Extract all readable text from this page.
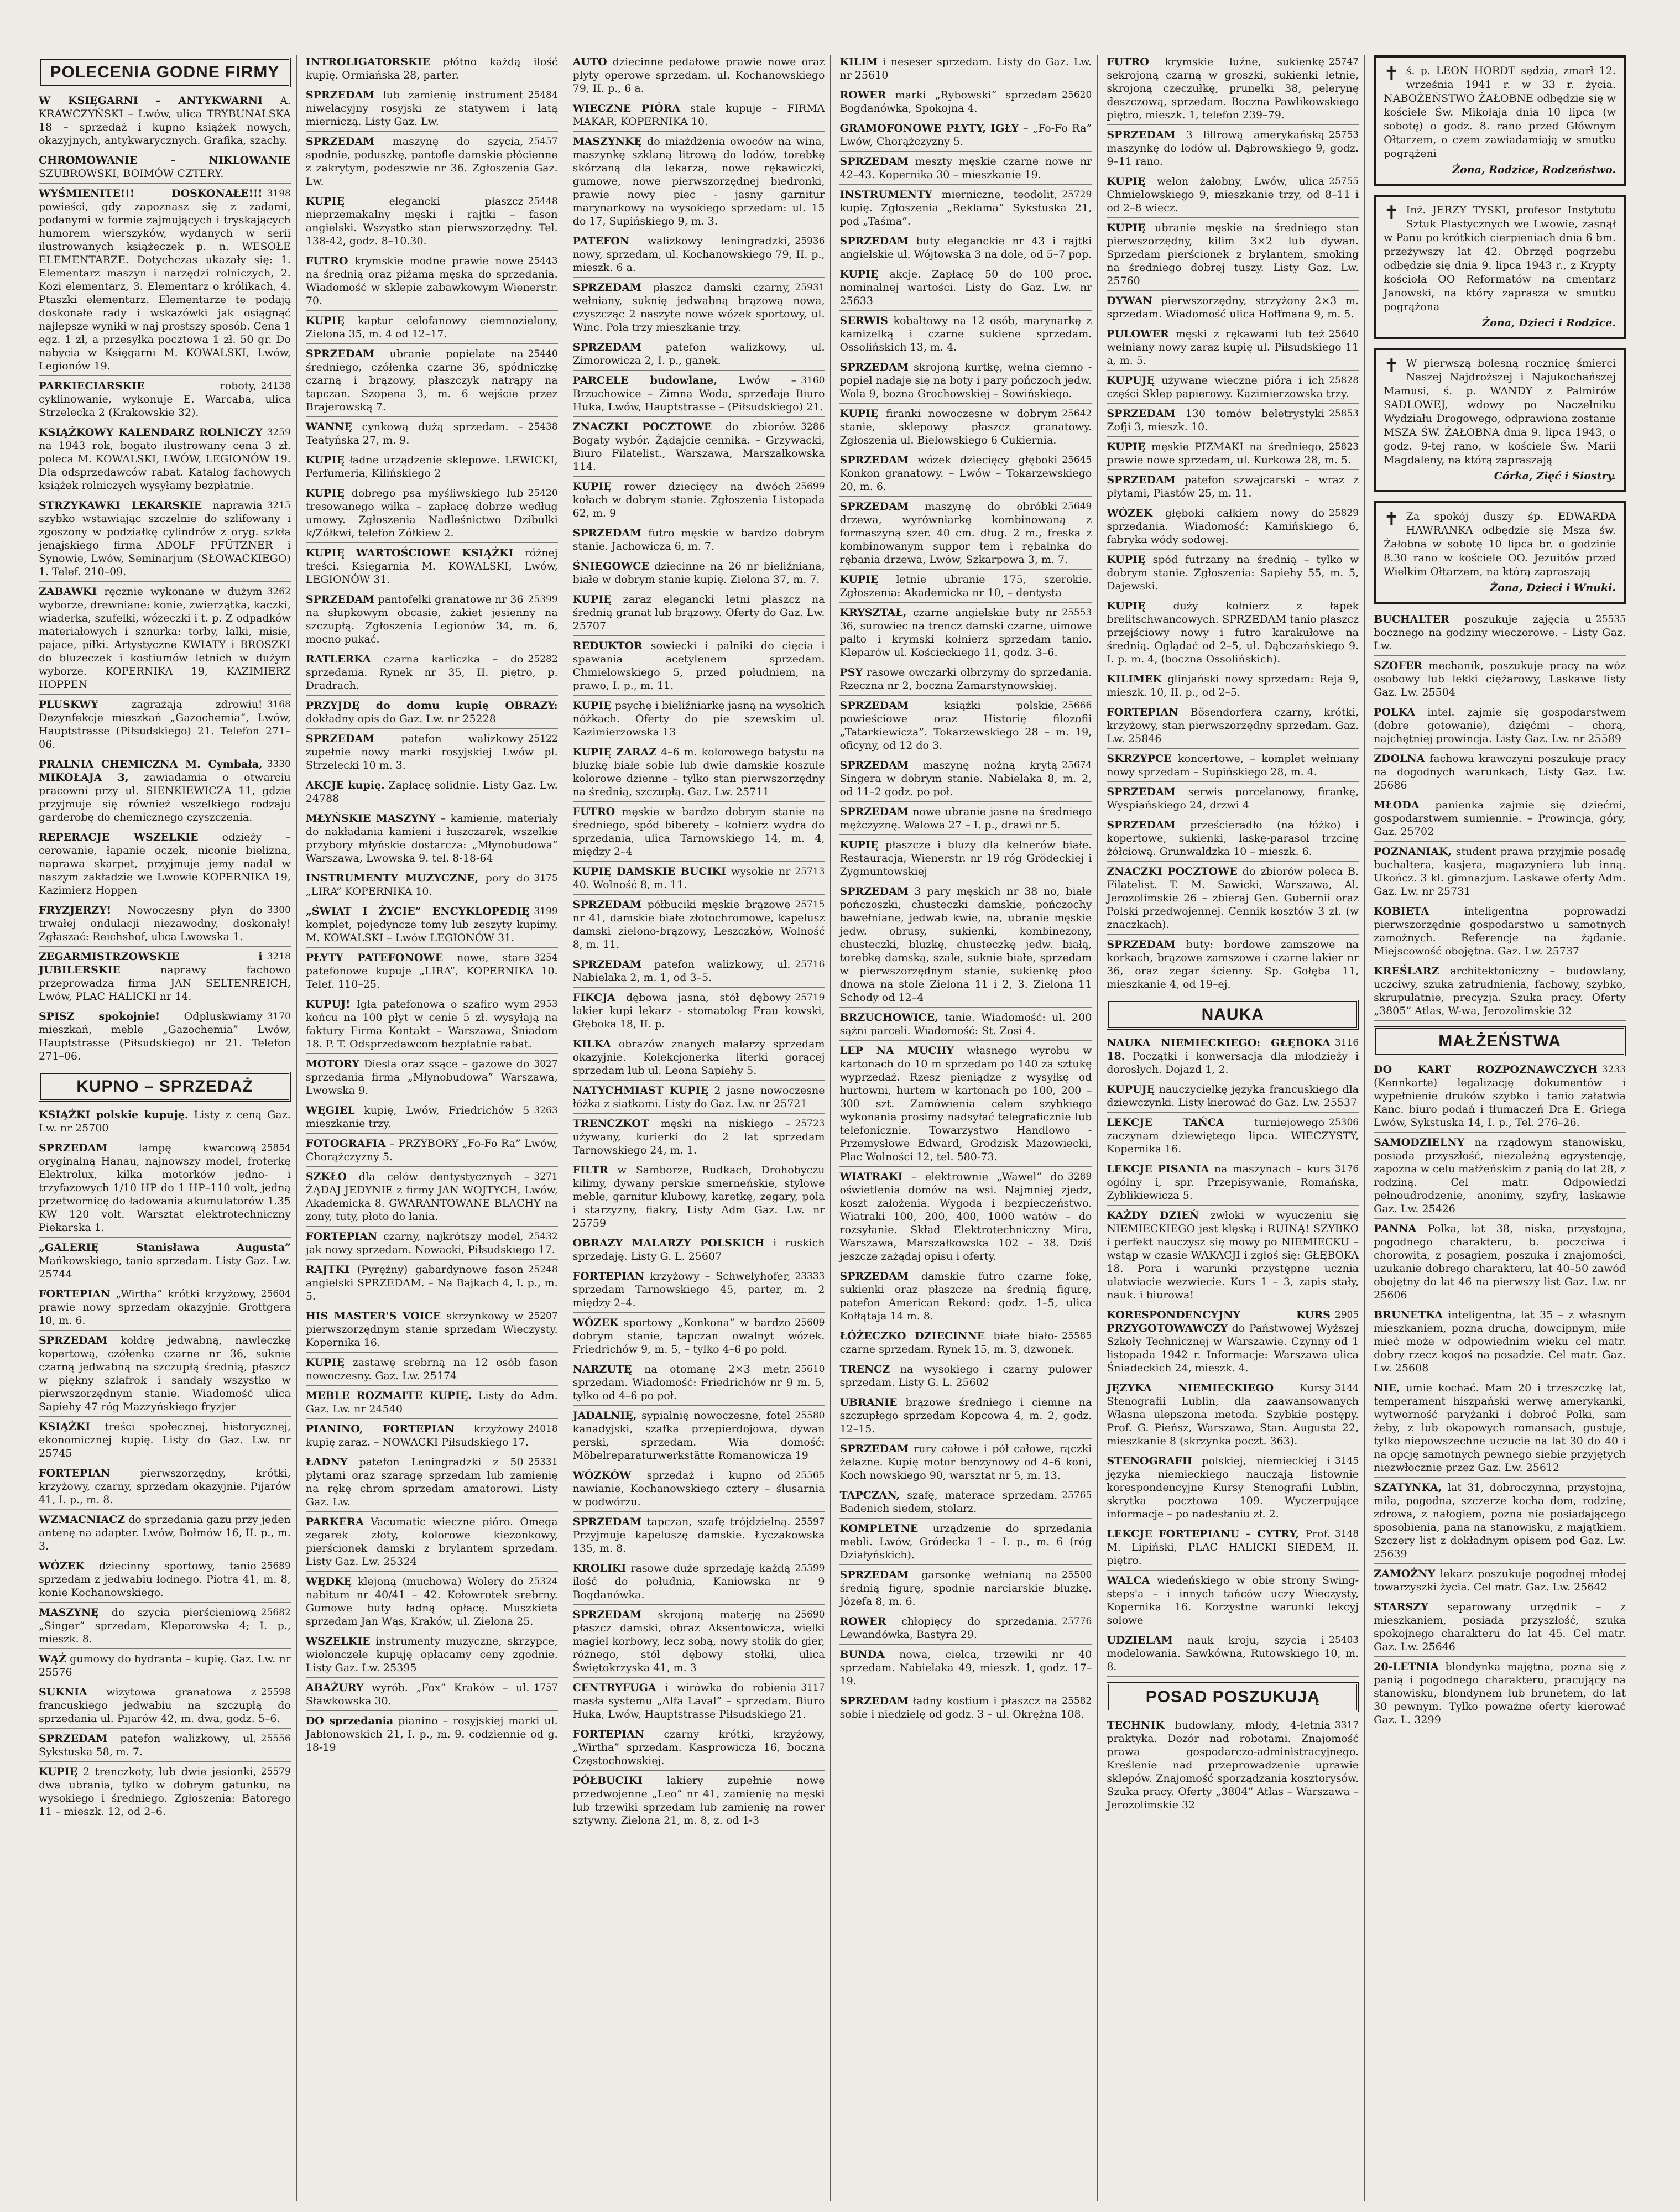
POLECENIA GODNE FIRMY
W KSIĘGARNI – ANTYKWARNI A. KRAWCZYŃSKI – Lwów, ulica TRYBUNALSKA 18 – sprzedaż i kupno książek nowych, okazyjnych, antykwarycznych. Grafika, szachy.
CHROMOWANIE – NIKLOWANIE SZUBROWSKI, BOIMÓW CZTERY.
3198
WYŚMIENITE!!! DOSKONAŁE!!! powieści, gdy zapoznasz się z zadami, podanymi w formie zajmujących i tryskających humorem wierszyków, wydanych w serii ilustrowanych książeczek p. n. WESOŁE ELEMENTARZE. Dotychczas ukazały się: 1. Elementarz maszyn i narzędzi rolniczych, 2. Kozi elementarz, 3. Elementarz o królikach, 4. Ptaszki elementarz. Elementarze te podają doskonałe rady i wskazówki jak osiągnąć najlepsze wyniki w naj prostszy sposób. Cena 1 egz. 1 zł, a przesyłka pocztowa 1 zł. 50 gr. Do nabycia w Księgarni M. KOWALSKI, Lwów, Legionów 19.
24138
PARKIECIARSKIE	roboty, cyklinowanie, wykonuje E. Warcaba, ulica Strzelecka 2 (Krakowskie 32).
3259
KSIĄŻKOWY KALENDARZ ROLNICZY na 1943 rok, bogato ilustrowany cena 3 zł. poleca M. KOWALSKI, LWÓW, LEGIONÓW 19. Dla odsprzedawców rabat. Katalog fachowych książek rolniczych wysyłamy bezpłatnie.
3215
STRZYKAWKI LEKARSKIE naprawia szybko wstawiając szczelnie do szlifowany i zgoszony w podziałkę cylindrów z oryg. szkła jenajskiego firma ADOLF PFÜTZNER i Synowie, Lwów, Seminarjum (SŁOWACKIEGO) 1. Telef. 210–09.
3262
ZABAWKI ręcznie wykonane w dużym wyborze, drewniane: konie, zwierzątka, kaczki, wiaderka, szufelki, wózeczki i t. p. Z odpadków materiałowych i sznurka: torby, lalki, misie, pajace, piłki. Artystyczne KWIATY i BROSZKI do bluzeczek i kostiumów letnich w dużym wyborze. KOPERNIKA 19, KAZIMIERZ HOPPEN
3168
PLUSKWY	zagrażają zdrowiu! Dezynfekcje mieszkań „Gazochemia”, Lwów, Hauptstrasse (Piłsudskiego) 21. Telefon 271–06.
3330
PRALNIA CHEMICZNA M. Cymbała, MIKOŁAJA 3, zawiadamia o otwarciu pracowni przy ul. SIENKIEWICZA 11, gdzie przyjmuje się również wszelkiego rodzaju garderobę do chemicznego czyszczenia.
REPERACJE WSZELKIE odzieży – cerowanie, łapanie oczek, niconie bielizna, naprawa skarpet, przyjmuje jemy nadal w naszym zakładzie we Lwowie KOPERNIKA 19, Kazimierz Hoppen
3300
FRYZJERZY! Nowoczesny płyn do trwałej ondulacji niezawodny, doskonały! Zgłaszać: Reichshof, ulica Lwowska 1.
3218
ZEGARMISTRZOWSKIE i JUBILERSKIE	naprawy fachowo przeprowadza firma JAN SELTENREICH, Lwów, PLAC HALICKI nr 14.
3170
SPISZ spokojnie! Odpluskwiamy mieszkań, meble „Gazochemia” Lwów, Hauptstrasse (Piłsudskiego) nr 21. Telefon 271–06.
KUPNO – SPRZEDAŻ
KSIĄŻKI polskie kupuję. Listy z ceną Gaz. Lw. nr 25700
25854
SPRZEDAM	lampę kwarcową oryginalną Hanau, najnowszy model, froterkę Elektrolux, kilka motorków jedno- i trzyfazowych 1/10 HP do 1 HP–110 volt, jedną przetwornicę do ładowania akumulatorów 1.35 KW 120 volt. Warsztat elektrotechniczny Piekarska 1.
„GALERIĘ Stanisława Augusta” Mańkowskiego, tanio sprzedam. Listy Gaz. Lw. 25744
25604
FORTEPIAN „Wirtha” krótki krzyżowy, prawie nowy sprzedam okazyjnie. Grottgera 10, m. 6.
SPRZEDAM kołdrę jedwabną, nawleczkę kopertową, czółenka czarne nr 36, suknie czarną jedwabną na szczupłą średnią, płaszcz w piękny szlafrok i sandały wszystko w pierwszorzędnym stanie. Wiadomość ulica Sapiehy 47 róg Mazzyńskiego fryzjer
KSIĄŻKI treści społecznej, historycznej, ekonomicznej kupię. Listy do Gaz. Lw. nr 25745
FORTEPIAN	pierwszorzędny, krótki, krzyżowy, czarny, sprzedam okazyjnie. Pijarów 41, I. p., m. 8.
WZMACNIACZ do sprzedania gazu przy jeden antenę na adapter. Lwów, Bołmów 16, II. p., m. 3.
25689
WÓZEK dziecinny sportowy, tanio sprzedam z jedwabiu łodnego. Piotra 41, m. 8, konie Kochanowskiego.
25682
MASZYNĘ do szycia pierścieniową „Singer” sprzedam, Kleparowska 4; I. p., mieszk. 8.
WĄŻ gumowy do hydranta – kupię. Gaz. Lw. nr 25576
25598
SUKNIA wizytowa granatowa z francuskiego jedwabiu na szczupłą do sprzedania ul. Pijarów 42, m. dwa, godz. 5–6.
25556
SPRZEDAM patefon walizkowy, ul. Sykstuska 58, m. 7.
25579
KUPIĘ 2 trenczkoty, lub dwie jesionki, dwa ubrania, tylko w dobrym gatunku, na wysokiego i średniego. Zgłoszenia: Batorego 11 – mieszk. 12, od 2–6.
INTROLIGATORSKIE płótno każdą ilość kupię. Ormiańska 28, parter.
25484
SPRZEDAM lub zamienię instrument niwelacyjny rosyjski ze statywem i łatą mierniczą. Listy Gaz. Lw.
25457
SPRZEDAM maszynę do szycia, spodnie, poduszkę, pantofle damskie płócienne z zakrytym, podeszwie nr 36. Zgłoszenia Gaz. Lw.
25448
KUPIĘ	elegancki płaszcz nieprzemakalny męski i rajtki – fason angielski. Wszystko stan pierwszorzędny. Tel. 138-42, godz. 8–10.30.
25443
FUTRO krymskie modne prawie nowe na średnią oraz piżama męska do sprzedania. Wiadomość w sklepie zabawkowym Wienerstr. 70.
KUPIĘ kaptur celofanowy ciemnozielony, Zielona 35, m. 4 od 12–17.
25440
SPRZEDAM ubranie popielate na średniego, czółenka czarne 36, spódniczkę czarną i brązowy, płaszczyk natrąpy na tapczan. Szopena 3, m. 6 wejście przez Brajerowską 7.
25438
WANNĘ cynkową dużą sprzedam. – Teatyńska 27, m. 9.
KUPIĘ ładne urządzenie sklepowe. LEWICKI, Perfumeria, Kilińskiego 2
25420
KUPIĘ dobrego psa myśliwskiego lub tresowanego wilka – zapłacę dobrze według umowy. Zgłoszenia Nadleśnictwo Dzibulki k/Zółkwi, telefon Zółkiew 2.
KUPIĘ WARTOŚCIOWE KSIĄŻKI różnej treści. Księgarnia M. KOWALSKI, Lwów, LEGIONÓW 31.
25399
SPRZEDAM pantofelki granatowe nr 36 na słupkowym obcasie, żakiet jesienny na szczupłą. Zgłoszenia Legionów 34, m. 6, mocno pukać.
25282
RATLERKA czarna karliczka – do sprzedania. Rynek nr 35, II. piętro, p. Dradrach.
PRZYJDĘ do domu kupię OBRAZY: dokładny opis do Gaz. Lw. nr 25228
25122
SPRZEDAM	patefon walizkowy zupełnie nowy marki rosyjskiej Lwów pl. Strzelecki 10 m. 3.
AKCJE kupię. Zapłacę solidnie. Listy Gaz. Lw. 24788
MŁYŃSKIE MASZYNY – kamienie, materiały do nakładania kamieni i łuszczarek, wszelkie przybory młyńskie dostarcza: „Młynobudowa” Warszawa, Lwowska 9. tel. 8-18-64
3175
INSTRUMENTY MUZYCZNE, pory do „LIRA” KOPERNIKA 10.
3199
„ŚWIAT I ŻYCIE” ENCYKLOPEDIĘ komplet, pojedyncze tomy lub zeszyty kupimy. M. KOWALSKI – Lwów LEGIONÓW 31.
3254
PŁYTY PATEFONOWE nowe, stare patefonowe kupuje „LIRA”, KOPERNIKA 10. Telef. 110–25.
2953
KUPUJ! Igła patefonowa o szafiro wym końcu na 100 płyt w cenie 5 zł. wysyłają na faktury Firma Kontakt – Warszawa, Śniadom 18. P. T. Odsprzedawcom bezpłatnie rabat.
3027
MOTORY Diesla oraz ssące – gazowe do sprzedania firma „Młynobudowa” Warszawa, Lwowska 9.
3263
WĘGIEL kupię, Lwów, Friedrichów 5 mieszkanie trzy.
FOTOGRAFIA – PRZYBORY „Fo-Fo Ra” Lwów, Chorążczyzny 5.
3271
SZKŁO dla celów dentystycznych – ŻĄDAJ JEDYNIE z firmy JAN WOJTYCH, Lwów, Akademicka 8. GWARANTOWANE BLACHY na zony, tuty, płoto do lania.
25432
FORTEPIAN czarny, najkrótszy model, jak nowy sprzedam. Nowacki, Piłsudskiego 17.
25248
RAJTKI (Pyrężny) gabardynowe fason angielski SPRZEDAM. – Na Bajkach 4, I. p., m. 5.
25207
HIS MASTER'S VOICE skrzynkowy w pierwszorzędnym stanie sprzedam Wieczysty. Kopernika 16.
KUPIĘ zastawę srebrną na 12 osób fason nowoczesny. Gaz. Lw. 25174
MEBLE ROZMAITE KUPIĘ. Listy do Adm. Gaz. Lw. nr 24540
24018
PIANINO, FORTEPIAN krzyżowy kupię zaraz. – NOWACKI Piłsudskiego 17.
25331
ŁADNY patefon Leningradzki z 50 płytami oraz szaragę sprzedam lub zamienię na rękę chrom sprzedam amatorowi. Listy Gaz. Lw.
PARKERA Vacumatic wieczne pióro. Omega zegarek złoty, kolorowe kiezonkowy, pierścionek damski z brylantem sprzedam. Listy Gaz. Lw. 25324
25324
WĘDKĘ klejoną (muchowa) Wolery do nabitum nr 40/41 – 42. Kołowrotek srebrny. Gumowe buty ładną opłacę. Muszkieta sprzedam Jan Wąs, Kraków, ul. Zielona 25.
WSZELKIE instrumenty muzyczne, skrzypce, wiolonczele kupuję opłacamy ceny zgodnie. Listy Gaz. Lw. 25395
1757
ABAŻURY wyrób. „Fox” Kraków – ul. Sławkowska 30.
DO sprzedania pianino – rosyjskiej marki ul. Jabłonowskich 21, I. p., m. 9. codziennie od g. 18-19
AUTO dziecinne pedałowe prawie nowe oraz płyty operowe sprzedam. ul. Kochanowskiego 79, II. p., 6 a.
WIECZNE PIÓRA stale kupuje – FIRMA MAKAR, KOPERNIKA 10.
MASZYNKĘ do miażdżenia owoców na wina, maszynkę szklaną litrową do lodów, torebkę skórzaną dla lekarza, nowe rękawiczki, gumowe, nowe pierwszorzędnej biedronki, prawie nowy piec - jasny garnitur marynarkowy na wysokiego sprzedam: ul. 15 do 17, Supińskiego 9, m. 3.
25936
PATEFON walizkowy leningradzki, nowy, sprzedam, ul. Kochanowskiego 79, II. p., mieszk. 6 a.
25931
SPRZEDAM płaszcz damski czarny, wełniany, suknię jedwabną brązową nowa, czyszcząc 2 naszyte nowe wózek sportowy, ul. Winc. Pola trzy mieszkanie trzy.
SPRZEDAM patefon walizkowy, ul. Zimorowicza 2, I. p., ganek.
3160
PARCELE budowlane, Lwów – Brzuchowice – Zimna Woda, sprzedaje Biuro Huka, Lwów, Hauptstrasse – (Piłsudskiego) 21.
3286
ZNACZKI POCZTOWE do zbiorów. Bogaty wybór. Żądajcie cennika. – Grzywacki, Biuro Filatelist., Warszawa, Marszałkowska 114.
25699
KUPIĘ rower dziecięcy na dwóch kołach w dobrym stanie. Zgłoszenia Listopada 62, m. 9
SPRZEDAM futro męskie w bardzo dobrym stanie. Jachowicza 6, m. 7.
ŚNIEGOWCE dziecinne na 26 nr bieliźniana, białe w dobrym stanie kupię. Zielona 37, m. 7.
KUPIĘ zaraz elegancki letni płaszcz na średnią granat lub brązowy. Oferty do Gaz. Lw. 25707
REDUKTOR sowiecki i palniki do cięcia i spawania acetylenem sprzedam. Chmielowskiego 5, przed południem, na prawo, I. p., m. 11.
KUPIĘ psychę i bieliźniarkę jasną na wysokich nóżkach. Oferty do pie szewskim ul. Kazimierzowska 13
KUPIĘ ZARAZ 4–6 m. kolorowego batystu na bluzkę białe sobie lub dwie damskie koszule kolorowe dzienne – tylko stan pierwszorzędny na średnią, szczupłą. Gaz. Lw. 25711
FUTRO męskie w bardzo dobrym stanie na średniego, spód biberety – kołnierz wydra do sprzedania, ulica Tarnowskiego 14, m. 4, między 2–4
25713
KUPIĘ DAMSKIE BUCIKI wysokie nr 40. Wolność 8, m. 11.
25715
SPRZEDAM półbuciki męskie brązowe nr 41, damskie białe złotochromowe, kapelusz damski zielono-brązowy, Leszczków, Wolność 8, m. 11.
25716
SPRZEDAM patefon walizkowy, ul. Nabielaka 2, m. 1, od 3–5.
25719
FIKCJA dębowa jasna, stół dębowy lakier kupi lekarz - stomatolog Frau kowski, Głęboka 18, II. p.
KILKA obrazów znanych malarzy sprzedam okazyjnie. Kolekcjonerka literki gorącej sprzedam lub ul. Leona Sapiehy 5.
NATYCHMIAST KUPIĘ 2 jasne nowoczesne łóżka z siatkami. Listy do Gaz. Lw. nr 25721
25723
TRENCZKOT męski na niskiego – używany, kurierki do 2 lat sprzedam Tarnowskiego 24, m. 1.
FILTR w Samborze, Rudkach, Drohobyczu kilimy, dywany perskie smerneńskie, stylowe meble, garnitur klubowy, karetkę, zegary, pola i starzyzny, fiakry, Listy Adm Gaz. Lw. nr 25759
OBRAZY MALARZY POLSKICH i ruskich sprzedaję. Listy G. L. 25607
23333
FORTEPIAN krzyżowy – Schwelyhofer, sprzedam Tarnowskiego 45, parter, m. 2 między 2–4.
25609
WÓZEK sportowy „Konkona” w bardzo dobrym stanie, tapczan owalnyt wózek. Friedrichów 9, m. 5, – tylko 4–6 po połd.
25610
NARZUTĘ na otomanę 2×3 metr. sprzedam. Wiadomość: Friedrichów nr 9 m. 5, tylko od 4–6 po poł.
25580
JADALNIĘ, sypialnię nowoczesne, fotel kanadyjski, szafka przepierdojowa, dywan perski, sprzedam. Wia domość: Möbelreparaturwerkstätte Romanowicza 19
25565
WÓZKÓW sprzedaż i kupno od nawianie, Kochanowskiego cztery – ślusarnia w podwórzu.
25597
SPRZEDAM tapczan, szafę trójdzielną. Przyjmuje kapeluszę damskie. Łyczakowska 135, m. 8.
25599
KROLIKI rasowe duże sprzedaję każdą ilość do południa, Kaniowska nr 9 Bogdanówka.
25690
SPRZEDAM skrojoną materję na płaszcz damski, obraz Aksentowicza, wielki magiel korbowy, lecz sobą, nowy stolik do gier, różnego, stół dębowy stołki, ulica Świętokrzyska 41, m. 3
3117
CENTRYFUGA i wirówka do robienia masła systemu „Alfa Laval” – sprzedam. Biuro Huka, Lwów, Hauptstrasse Piłsudskiego 21.
FORTEPIAN czarny krótki, krzyżowy, „Wirtha” sprzedam. Kasprowicza 16, boczna Częstochowskiej.
PÓŁBUCIKI lakiery zupełnie nowe przedwojenne „Leo” nr 41, zamienię na męski lub trzewiki sprzedam lub zamienię na rower sztywny. Zielona 21, m. 8, z. od 1-3
KILIM i neseser sprzedam. Listy do Gaz. Lw. nr 25610
25620
ROWER marki „Rybowski” sprzedam Bogdanówka, Spokojna 4.
GRAMOFONOWE PŁYTY, IGŁY – „Fo-Fo Ra” Lwów, Chorążczyzny 5.
SPRZEDAM meszty męskie czarne nowe nr 42–43. Kopernika 30 – mieszkanie 19.
25729
INSTRUMENTY mierniczne, teodolit, kupię. Zgłoszenia „Reklama” Sykstuska 21, pod „Taśma”.
SPRZEDAM buty eleganckie nr 43 i rajtki angielskie ul. Wójtowska 3 na dole, od 5–7 pop.
KUPIĘ akcje. Zapłacę 50 do 100 proc. nominalnej wartości. Listy do Gaz. Lw. nr 25633
SERWIS kobaltowy na 12 osób, marynarkę z kamizelką i czarne sukiene sprzedam. Ossolińskich 13, m. 4.
SPRZEDAM skrojoną kurtkę, wełna ciemno - popiel nadaje się na boty i pary pończoch jedw. Wola 9, bozna Grochowskiej – Sowińskiego.
25642
KUPIĘ firanki nowoczesne w dobrym stanie, sklepowy płaszcz granatowy. Zgłoszenia ul. Bielowskiego 6 Cukiernia.
25645
SPRZEDAM wózek dziecięcy głęboki Konkon granatowy. – Lwów – Tokarzewskiego 20, m. 6.
25649
SPRZEDAM maszynę do obróbki drzewa, wyrówniarkę kombinowaną z formaszyną szer. 40 cm. dług. 2 m., freska z kombinowanym suppor tem i rębalnka do rębania drzewa, Lwów, Szkarpowa 3, m. 7.
KUPIĘ letnie ubranie 175, szerokie. Zgłoszenia: Akademicka nr 10, – dentysta
25553
KRYSZTAŁ, czarne angielskie buty nr 36, surowiec na trencz damski czarne, uimowe palto i krymski kołnierz sprzedam tanio. Kleparów ul. Kościeckiego 11, godz. 3–6.
PSY rasowe owczarki olbrzymy do sprzedania. Rzeczna nr 2, boczna Zamarstynowskiej.
25666
SPRZEDAM	książki polskie, powieściowe oraz Historię filozofii „Tatarkiewicza”. Tokarzewskiego 28 – m. 19, oficyny, od 12 do 3.
25674
SPRZEDAM maszynę nożną krytą Singera w dobrym stanie. Nabielaka 8, m. 2, od 11–2 godz. po poł.
SPRZEDAM nowe ubranie jasne na średniego mężczyznę. Walowa 27 – I. p., drawi nr 5.
KUPIĘ płaszcze i bluzy dla kelnerów białe. Restauracja, Wienerstr. nr 19 róg Grödeckiej i Zygmuntowskiej
SPRZEDAM 3 pary męskich nr 38 no, białe pończoszki, chusteczki damskie, pończochy bawełniane, jedwab kwie, na, ubranie męskie jedw. obrusy, sukienki, kombinezony, chusteczki, bluzkę, chusteczkę jedw. białą, torebkę damską, szale, suknie białe, sprzedam w pierwszorzędnym stanie, sukienkę płoo dnowa na stole Zielona 11 i 2, 3. Zielona 11 Schody od 12–4
BRZUCHOWICE, tanie. Wiadomość: ul. 200 sążni parceli. Wiadomość: St. Zosi 4.
LEP NA MUCHY własnego wyrobu w kartonach do 10 m sprzedam po 140 za sztukę wyprzedaż. Rzesz pieniądze z wysyłkę od hurtowni, hurtem w kartonach po 100, 200 – 300 szt. Zamówienia celem szybkiego wykonania prosimy nadsyłać telegraficznie lub telefonicznie. Towarzystwo Handlowo - Przemysłowe Edward, Grodzisk Mazowiecki, Plac Wolności 12, tel. 580-73.
3289
WIATRAKI – elektrownie „Wawel” do oświetlenia domów na wsi. Najmniej zjedz, koszt założenia. Wygoda i bezpieczeństwo. Wiatraki 100, 200, 400, 1000 watów – do rozsyłanie. Skład Elektrotechniczny Mira, Warszawa, Marszałkowska 102 – 38. Dziś jeszcze zażądaj opisu i oferty.
SPRZEDAM damskie futro czarne fokę, sukienki oraz płaszcze na średnią figurę, patefon American Rekord: godz. 1–5, ulica Kołłątaja 14 m. 8.
25585
ŁÓŻECZKO DZIECINNE białe biało-czarne sprzedam. Rynek 15, m. 3, dzwonek.
TRENCZ na wysokiego i czarny pulower sprzedam. Listy G. L. 25602
UBRANIE brązowe średniego i ciemne na szczupłego sprzedam Kopcowa 4, m. 2, godz. 12–15.
SPRZEDAM rury całowe i pół całowe, rączki żelazne. Kupię motor benzynowy od 4–6 koni, Koch nowskiego 90, warsztat nr 5, m. 13.
25765
TAPCZAN, szafę, materace sprzedam. Badenich siedem, stolarz.
KOMPLETNE urządzenie do sprzedania mebli. Lwów, Gródecka 1 – I. p., m. 6 (róg Działyńskich).
25500
SPRZEDAM garsonkę wełnianą na średnią figurę, spodnie narciarskie bluzkę. Józefa 8, m. 6.
25776
ROWER chłopięcy do sprzedania. Lewandówka, Bastyra 29.
BUNDA nowa, cielca, trzewiki nr 40 sprzedam. Nabielaka 49, mieszk. 1, godz. 17–19.
25582
SPRZEDAM ładny kostium i płaszcz na sobie i niedzielę od godz. 3 – ul. Okrężna 108.
25747
FUTRO krymskie luźne, sukienkę sekrojoną czarną w groszki, sukienki letnie, skrojoną czeczułkę, prunelki 38, pelerynę deszczową, sprzedam. Boczna Pawlikowskiego piętro, mieszk. 1, telefon 239–79.
25753
SPRZEDAM 3 lillrową amerykańską maszynkę do lodów ul. Dąbrowskiego 9, godz. 9–11 rano.
25755
KUPIĘ welon żałobny, Lwów, ulica Chmielowskiego 9, mieszkanie trzy, od 8–11 i od 2–8 wiecz.
KUPIĘ ubranie męskie na średniego stan pierwszorzędny, kilim 3×2 lub dywan. Sprzedam pierścionek z brylantem, smoking na średniego dobrej tuszy. Listy Gaz. Lw. 25760
DYWAN pierwszorzędny, strzyżony 2×3 m. sprzedam. Wiadomość ulica Hoffmana 9, m. 5.
25640
PULOWER męski z rękawami lub też wełniany nowy zaraz kupię ul. Piłsudskiego 11 a, m. 5.
25828
KUPUJĘ używane wieczne pióra i ich części Sklep papierowy. Kazimierzowska trzy.
25853
SPRZEDAM 130 tomów beletrystyki Zofji 3, mieszk. 10.
25823
KUPIĘ męskie PIZMAKI na średniego, prawie nowe sprzedam, ul. Kurkowa 28, m. 5.
SPRZEDAM patefon szwajcarski – wraz z płytami, Piastów 25, m. 11.
25829
WÓZEK głęboki całkiem nowy do sprzedania. Wiadomość: Kamińskiego 6, fabryka wódy sodowej.
KUPIĘ spód futrzany na średnią – tylko w dobrym stanie. Zgłoszenia: Sapiehy 55, m. 5, Dajewski.
KUPIĘ	duży kołnierz z łapek brelitschwancowych. SPRZEDAM tanio płaszcz przejściowy nowy i futro karakułowe na średnią. Oglądać od 2–5, ul. Dąbczańskiego 9. I. p. m. 4, (boczna Ossolińskich).
KILIMEK glinjański nowy sprzedam: Reja 9, mieszk. 10, II. p., od 2–5.
FORTEPIAN Bösendorfera czarny, krótki, krzyżowy, stan pierwszorzędny sprzedam. Gaz. Lw. 25846
SKRZYPCE koncertowe, – komplet wełniany nowy sprzedam – Supińskiego 28, m. 4.
SPRZEDAM serwis porcelanowy, firankę, Wyspiańskiego 24, drzwi 4
SPRZEDAM prześcieradło (na łóżko) i kopertowe, sukienki, laskę-parasol trzcinę żółciową. Grunwaldzka 10 – mieszk. 6.
ZNACZKI POCZTOWE do zbiorów poleca B. Filatelist. T. M. Sawicki, Warszawa, Al. Jerozolimskie 26 – zbieraj Gen. Gubernii oraz Polski przedwojennej. Cennik kosztów 3 zł. (w znaczkach).
SPRZEDAM buty: bordowe zamszowe na korkach, brązowe zamszowe i czarne lakier nr 36, oraz zegar ścienny. Sp. Gołęba 11, mieszkanie 4, od 19–ej.
NAUKA
3116
NAUKA NIEMIECKIEGO: GŁĘBOKA 18. Początki i konwersacja dla młodzieży i dorosłych. Dojazd 1, 2.
KUPUJĘ nauczycielkę języka francuskiego dla dziewczynki. Listy kierować do Gaz. Lw. 25537
25306
LEKCJE TAŃCA	turniejowego zaczynam dziewiętego lipca. WIECZYSTY, Kopernika 16.
3176
LEKCJE PISANIA na maszynach – kurs ogólny i, spr. Przepisywanie, Romańska, Zyblikiewicza 5.
KAŻDY DZIEŃ zwłoki w wyuczeniu się NIEMIECKIEGO jest klęską i RUINĄ! SZYBKO i perfekt nauczysz się mowy po NIEMIECKU – wstąp w czasie WAKACJI i zgłoś się: GŁĘBOKA 18. Pora i warunki przystępne ucznia ulatwiacie wezwiecie. Kurs 1 – 3, zapis stały, nauk. i biurowa!
2905
KORESPONDENCYJNY KURS PRZYGOTOWAWCZY do Państwowej Wyższej Szkoły Technicznej w Warszawie. Czynny od 1 listopada 1942 r. Informacje: Warszawa ulica Śniadeckich 24, mieszk. 4.
3144
JĘZYKA NIEMIECKIEGO Kursy Stenografii Lublin, dla zaawansowanych Własna ulepszona metoda. Szybkie postępy. Prof. G. Pieńsz, Warszawa, Stan. Augusta 22, mieszkanie 8 (skrzynka poczt. 363).
3145
STENOGRAFII polskiej, niemieckiej i języka niemieckiego nauczają listownie korespondencyjne Kursy Stenografii Lublin, skrytka pocztowa 109. Wyczerpujące informacje – po nadesłaniu zł. 2.
3148
LEKCJE FORTEPIANU – CYTRY, Prof. M. Lipiński, PLAC HALICKI SIEDEM, II. piętro.
WALCA wiedeńskiego w obie strony Swing-steps'a – i innych tańców uczy Wieczysty, Kopernika 16. Korzystne warunki lekcyj solowe
25403
UDZIELAM nauk kroju, szycia i modelowania. Sawkówna, Rutowskiego 10, m. 8.
POSAD POSZUKUJĄ
3317
TECHNIK budowlany, młody, 4-letnia praktyka. Dozór nad robotami. Znajomość prawa gospodarczo-administracyjnego. Kreślenie nad przeprowadzenie uprawie sklepów. Znajomość sporządzania kosztorysów. Szuka pracy. Oferty „3804” Atlas – Warszawa – Jerozolimskie 32
✝ ś. p. LEON HORDT sędzia, zmarł 12. września 1941 r. w 33 r. życia. NABOŻEŃSTWO ŻAŁOBNE odbędzie się w kościele Św. Mikołaja dnia 10 lipca (w sobotę) o godz. 8. rano przed Głównym Ołtarzem, o czem zawiadamiają w smutku pogrążeni
Żona, Rodzice, Rodzeństwo.
✝ Inż. JERZY TYSKI, profesor Instytutu Sztuk Plastycznych we Lwowie, zasnął w Panu po krótkich cierpieniach dnia 6 bm. przeżywszy lat 42. Obrzęd pogrzebu odbędzie się dnia 9. lipca 1943 r., z Krypty kościoła OO Reformatów na cmentarz Janowski, na który zaprasza w smutku pogrążona
Żona, Dzieci i Rodzice.
✝ W pierwszą bolesną rocznicę śmierci Naszej Najdroższej i Najukochańszej Mamusi, ś. p. WANDY z Palmirów SADLOWEJ, wdowy po Naczelniku Wydziału Drogowego, odprawiona zostanie MSZA ŚW. ŻAŁOBNA dnia 9. lipca 1943, o godz. 9-tej rano, w kościele Św. Marii Magdaleny, na którą zapraszają
Córka, Zięć i Siostry.
✝ Za spokój duszy śp. EDWARDA HAWRANKA odbędzie się Msza św. Żałobna w sobotę 10 lipca br. o godzinie 8.30 rano w kościele OO. Jezuitów przed Wielkim Ołtarzem, na którą zapraszają
Żona, Dzieci i Wnuki.
25535
BUCHALTER poszukuje zajęcia u bocznego na godziny wieczorowe. – Listy Gaz. Lw.
SZOFER mechanik, poszukuje pracy na wóz osobowy lub lekki ciężarowy, Laskawe listy Gaz. Lw. 25504
POLKA intel. zajmie się gospodarstwem (dobre gotowanie), dzięćmi – chorą, najchętniej prowincja. Listy Gaz. Lw. nr 25589
ZDOLNA fachowa krawczyni poszukuje pracy na dogodnych warunkach, Listy Gaz. Lw. 25686
MŁODA panienka zajmie się dziećmi, gospodarstwem sumiennie. – Prowincja, góry, Gaz. 25702
POZNANIAK, student prawa przyjmie posadę buchaltera, kasjera, magazyniera lub inną. Ukończ. 3 kl. gimnazjum. Laskawe oferty Adm. Gaz. Lw. nr 25731
KOBIETA	inteligentna poprowadzi pierwszorzędnie gospodarstwo u samotnych zamożnych. Referencje na żądanie. Miejscowość obojętna. Gaz. Lw. 25737
KREŚLARZ architektoniczny – budowlany, uczciwy, szuka zatrudnienia, fachowy, szybko, skrupulatnie, precyzja. Szuka pracy. Oferty „3805” Atlas, W-wa, Jerozolimskie 32
MAŁŻEŃSTWA
3233
DO KART ROZPOZNAWCZYCH (Kennkarte) legalizację dokumentów i wypełnienie druków szybko i tanio załatwia Kanc. biuro podań i tłumaczeń Dra E. Griega Lwów, Sykstuska 14, I. p., Tel. 276–26.
SAMODZIELNY na rządowym stanowisku, posiada przyszłość, niezależną egzystencję, zapozna w celu małżeńskim z panią do lat 28, z rodziną. Cel matr. Odpowiedzi pełnoudrodzenie, anonimy, szyfry, laskawie Gaz. Lw. 25426
PANNA Polka, lat 38, niska, przystojna, pogodnego charakteru, b. poczciwa i chorowita, z posagiem, poszuka i znajomości, uzukanie dobrego charakteru, lat 40–50 zawód obojętny do lat 46 na pierwszy list Gaz. Lw. nr 25606
BRUNETKA inteligentna, lat 35 – z własnym mieszkaniem, pozna drucha, dowcipnym, miłe mieć może w odpowiednim wieku cel matr. dobry rzecz kogoś na posadzie. Cel matr. Gaz. Lw. 25608
NIE, umie kochać. Mam 20 i trzeszczkę lat, temperament hiszpański werwę amerykanki, wytworność paryżanki i dobroć Polki, sam żeby, z lub okapowych romansach, gustuje, tylko niepowszechne uczucie na lat 30 do 40 i na opcję samotnych pewnego siebie przyjętych niezwłocznie przez Gaz. Lw. 25612
SZATYNKA, lat 31, dobroczynna, przystojna, mila, pogodna, szczerze kocha dom, rodzinę, zdrowa, z nałogiem, pozna nie posiadającego sposobienia, pana na stanowisku, z majątkiem. Szczery list z dokładnym opisem pod Gaz. Lw. 25639
ZAMOŻNY lekarz poszukuje pogodnej młodej towarzyszki życia. Cel matr. Gaz. Lw. 25642
STARSZY separowany urzędnik – z mieszkaniem, posiada przyszłość, szuka spokojnego charakteru do lat 45. Cel matr. Gaz. Lw. 25646
20-LETNIA blondynka majętna, pozna się z panią i pogodnego charakteru, pracujący na stanowisku, blondynem lub brunetem, do lat 30 pewnym. Tylko poważne oferty kierować Gaz. L. 3299
